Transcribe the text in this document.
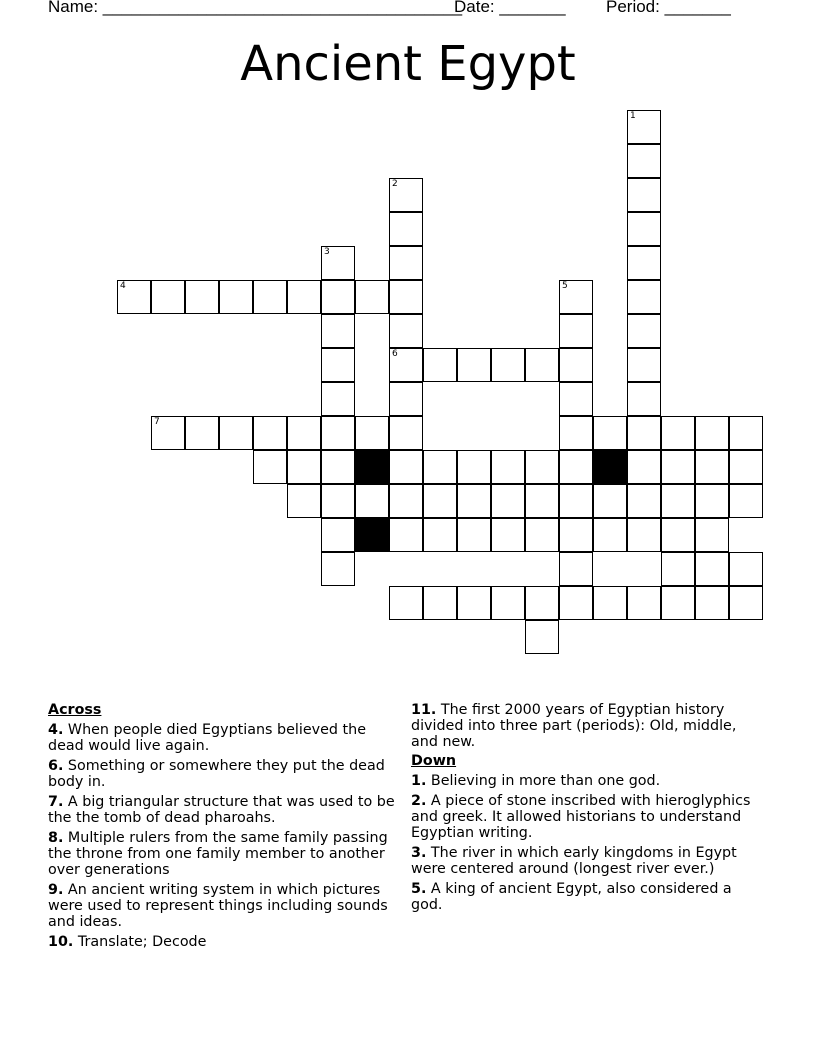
Name: ______________________________________
Date: _______ Period: _______
Ancient Egypt
1
2
6
3
4	5
7
Across
4. When people died Egyptians believed the dead would live again.
6. Something or somewhere they put the dead body in.
7. A big triangular structure that was used to be the the tomb of dead pharoahs.
8. Multiple rulers from the same family passing the throne from one family member to another over generations
9. An ancient writing system in which pictures were used to represent things including sounds and ideas.
10. Translate; Decode
11. The first 2000 years of Egyptian history divided into three part (periods): Old, middle, and new.
Down
1. Believing in more than one god.
2. A piece of stone inscribed with hieroglyphics and greek. It allowed historians to understand Egyptian writing.
3. The river in which early kingdoms in Egypt were centered around (longest river ever.)
5. A king of ancient Egypt, also considered a god.
